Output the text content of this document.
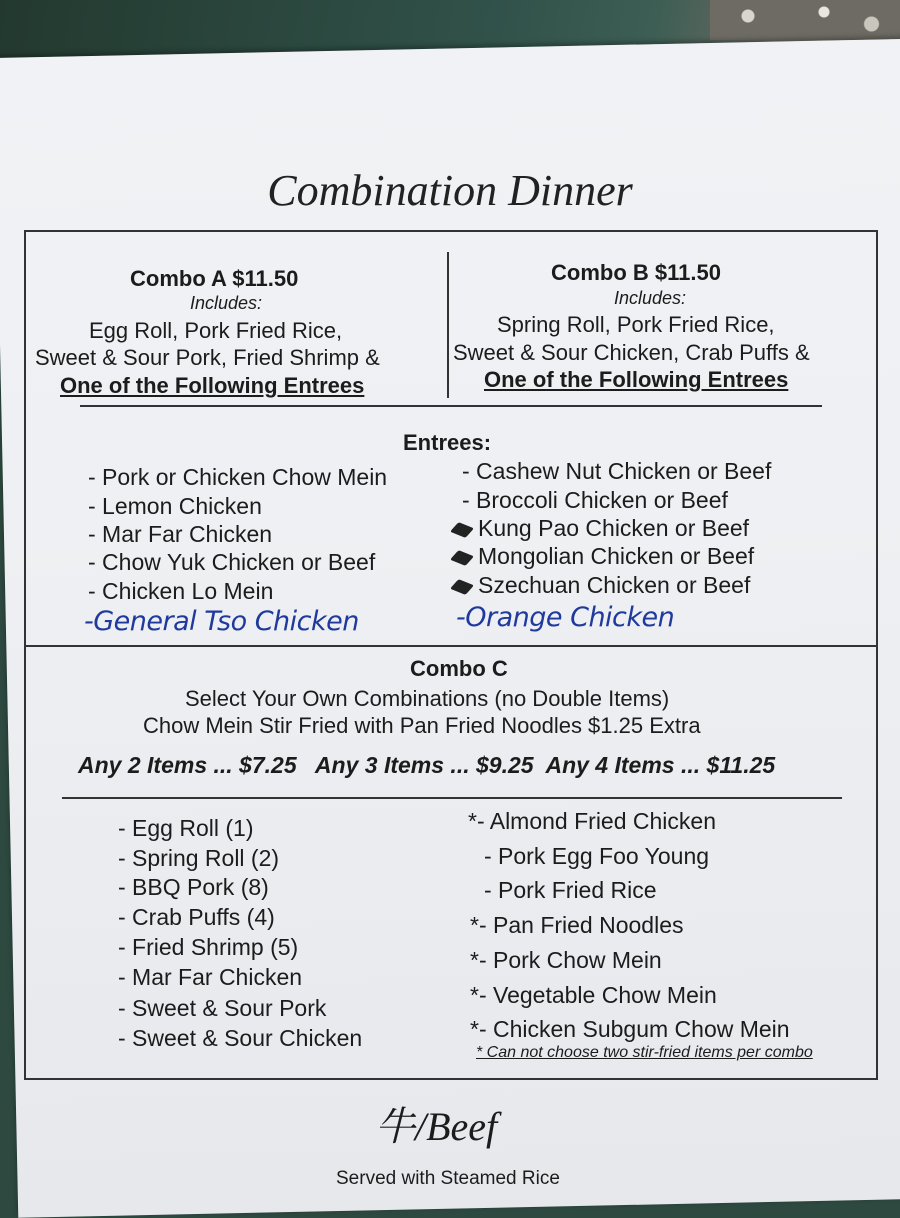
Combination Dinner
Combo A $11.50
Includes:
Egg Roll, Pork Fried Rice,
Sweet & Sour Pork, Fried Shrimp &
One of the Following Entrees
Combo B $11.50
Includes:
Spring Roll, Pork Fried Rice,
Sweet & Sour Chicken, Crab Puffs &
One of the Following Entrees
Entrees:
- Pork or Chicken Chow Mein
- Lemon Chicken
- Mar Far Chicken
- Chow Yuk Chicken or Beef
- Chicken Lo Mein
- Cashew Nut Chicken or Beef
- Broccoli Chicken or Beef
Kung Pao Chicken or Beef
Mongolian Chicken or Beef
Szechuan Chicken or Beef
-General Tso Chicken	-Orange Chicken
Combo C
Select Your Own Combinations (no Double Items)
Chow Mein Stir Fried with Pan Fried Noodles $1.25 Extra
Any 2 Items ... $7.25   Any 3 Items ... $9.25  Any 4 Items ... $11.25
- Egg Roll (1)
- Spring Roll (2)
- BBQ Pork (8)
- Crab Puffs (4)
- Fried Shrimp (5)
- Mar Far Chicken
- Sweet & Sour Pork
- Sweet & Sour Chicken
*- Almond Fried Chicken
- Pork Egg Foo Young
- Pork Fried Rice
*- Pan Fried Noodles
*- Pork Chow Mein
*- Vegetable Chow Mein
*- Chicken Subgum Chow Mein
* Can not choose two stir-fried items per combo
牛/Beef
Served with Steamed Rice
